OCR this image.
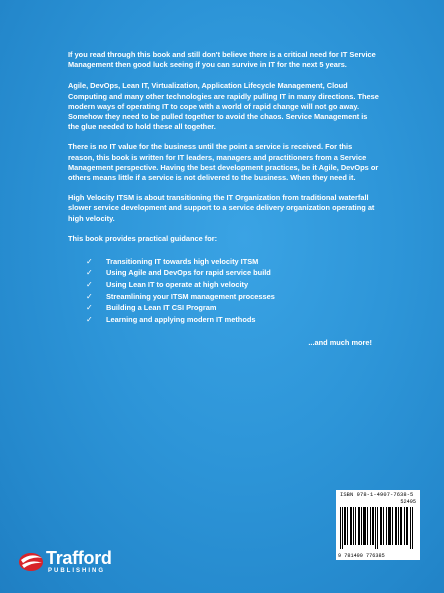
If you read through this book and still don't believe there is a critical need for IT Service Management then good luck seeing if you can survive in IT for the next 5 years.

Agile, DevOps, Lean IT, Virtualization, Application Lifecycle Management, Cloud Computing and many other technologies are rapidly pulling IT in many directions. These modern ways of operating IT to cope with a world of rapid change will not go away. Somehow they need to be pulled together to avoid the chaos. Service Management is the glue needed to hold these all together.

There is no IT value for the business until the point a service is received. For this reason, this book is written for IT leaders, managers and practitioners from a Service Management perspective. Having the best development practices, be it Agile, DevOps or others means little if a service is not delivered to the business. When they need it.

High Velocity ITSM is about transitioning the IT Organization from traditional waterfall slower service development and support to a service delivery organization operating at high velocity.

This book provides practical guidance for:

✓	Transitioning IT towards high velocity ITSM
✓	Using Agile and DevOps for rapid service build
✓	Using Lean IT to operate at high velocity
✓	Streamlining your ITSM management processes
✓	Building a Lean IT CSI Program
✓	Learning and applying modern IT methods
...and much more!
ISBN 978-1-4907-7638-5
52495
9 781490 776385
Trafford
PUBLISHING
